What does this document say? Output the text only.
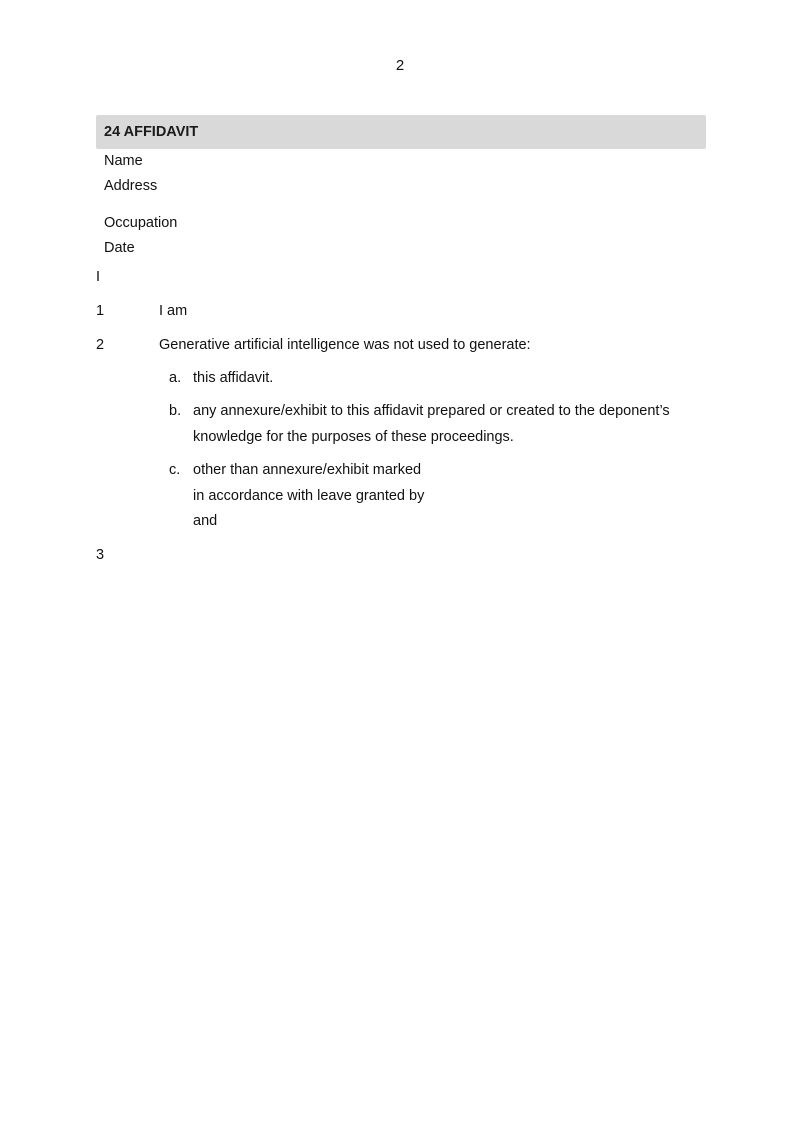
2
24 AFFIDAVIT
Name
Address
Occupation
Date
I
1	I am
2	Generative artificial intelligence was not used to generate:
a. this affidavit.
b. any annexure/exhibit to this affidavit prepared or created to the deponent’s
knowledge for the purposes of these proceedings.
c. other than annexure/exhibit marked
in accordance with leave granted by
and
3
